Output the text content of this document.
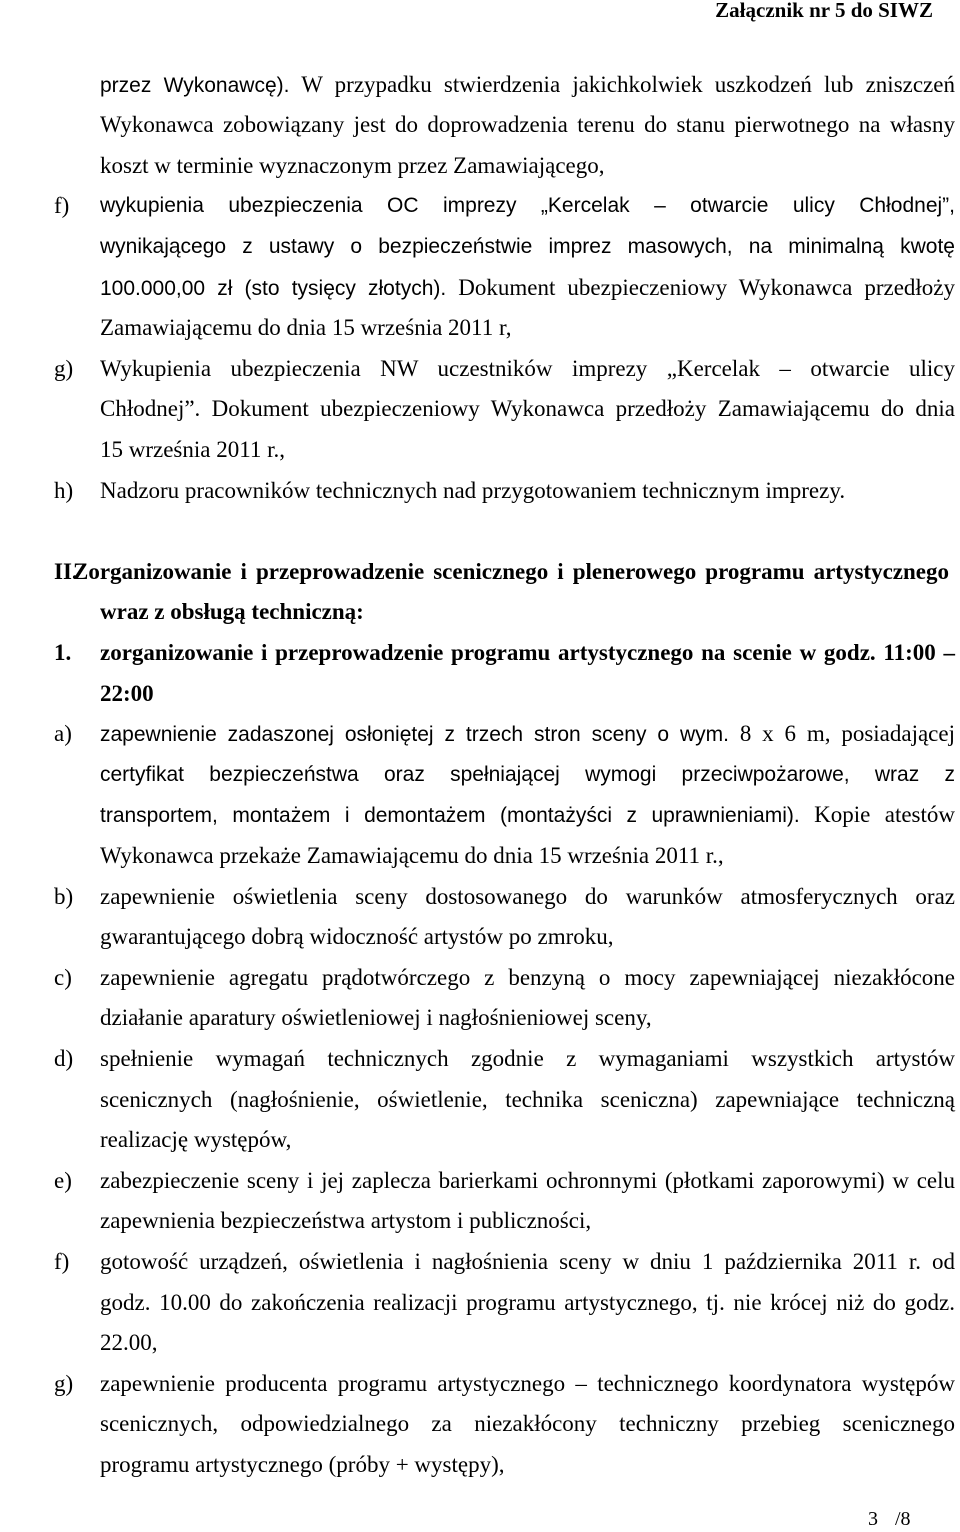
Załącznik nr 5 do SIWZ
przez Wykonawcę). W przypadku stwierdzenia jakichkolwiek uszkodzeń lub zniszczeń
Wykonawca zobowiązany jest do doprowadzenia terenu do stanu pierwotnego na własny
koszt w terminie wyznaczonym przez Zamawiającego,
f) wykupienia ubezpieczenia OC imprezy „Kercelak – otwarcie ulicy Chłodnej”,
wynikającego z ustawy o bezpieczeństwie imprez masowych, na minimalną kwotę
100.000,00 zł (sto tysięcy złotych). Dokument ubezpieczeniowy Wykonawca przedłoży
Zamawiającemu do dnia 15 września 2011 r,
g) Wykupienia ubezpieczenia NW uczestników imprezy „Kercelak – otwarcie ulicy
Chłodnej”. Dokument ubezpieczeniowy Wykonawca przedłoży Zamawiającemu do dnia
15 września 2011 r.,
h) Nadzoru pracowników technicznych nad przygotowaniem technicznym imprezy.
II.
Zorganizowanie i przeprowadzenie scenicznego i plenerowego programu artystycznego
wraz z obsługą techniczną:
1. zorganizowanie i przeprowadzenie programu artystycznego na scenie w godz. 11:00 –
22:00
a) zapewnienie zadaszonej osłoniętej z trzech stron sceny o wym. 8 x 6 m, posiadającej
certyfikat bezpieczeństwa oraz spełniającej wymogi przeciwpożarowe, wraz z
transportem, montażem i demontażem (montażyści z uprawnieniami). Kopie atestów
Wykonawca przekaże Zamawiającemu do dnia 15 września 2011 r.,
b) zapewnienie oświetlenia sceny dostosowanego do warunków atmosferycznych oraz
gwarantującego dobrą widoczność artystów po zmroku,
c) zapewnienie agregatu prądotwórczego z benzyną o mocy zapewniającej niezakłócone
działanie aparatury oświetleniowej i nagłośnieniowej sceny,
d) spełnienie wymagań technicznych zgodnie z wymaganiami wszystkich artystów
scenicznych (nagłośnienie, oświetlenie, technika sceniczna) zapewniające techniczną
realizację występów,
e) zabezpieczenie sceny i jej zaplecza barierkami ochronnymi (płotkami zaporowymi) w celu
zapewnienia bezpieczeństwa artystom i publiczności,
f) gotowość urządzeń, oświetlenia i nagłośnienia sceny w dniu 1 października 2011 r. od
godz. 10.00 do zakończenia realizacji programu artystycznego, tj. nie krócej niż do godz.
22.00,
g) zapewnienie producenta programu artystycznego – technicznego koordynatora występów
scenicznych, odpowiedzialnego za niezakłócony techniczny przebieg scenicznego
programu artystycznego (próby + występy),
3 /8
